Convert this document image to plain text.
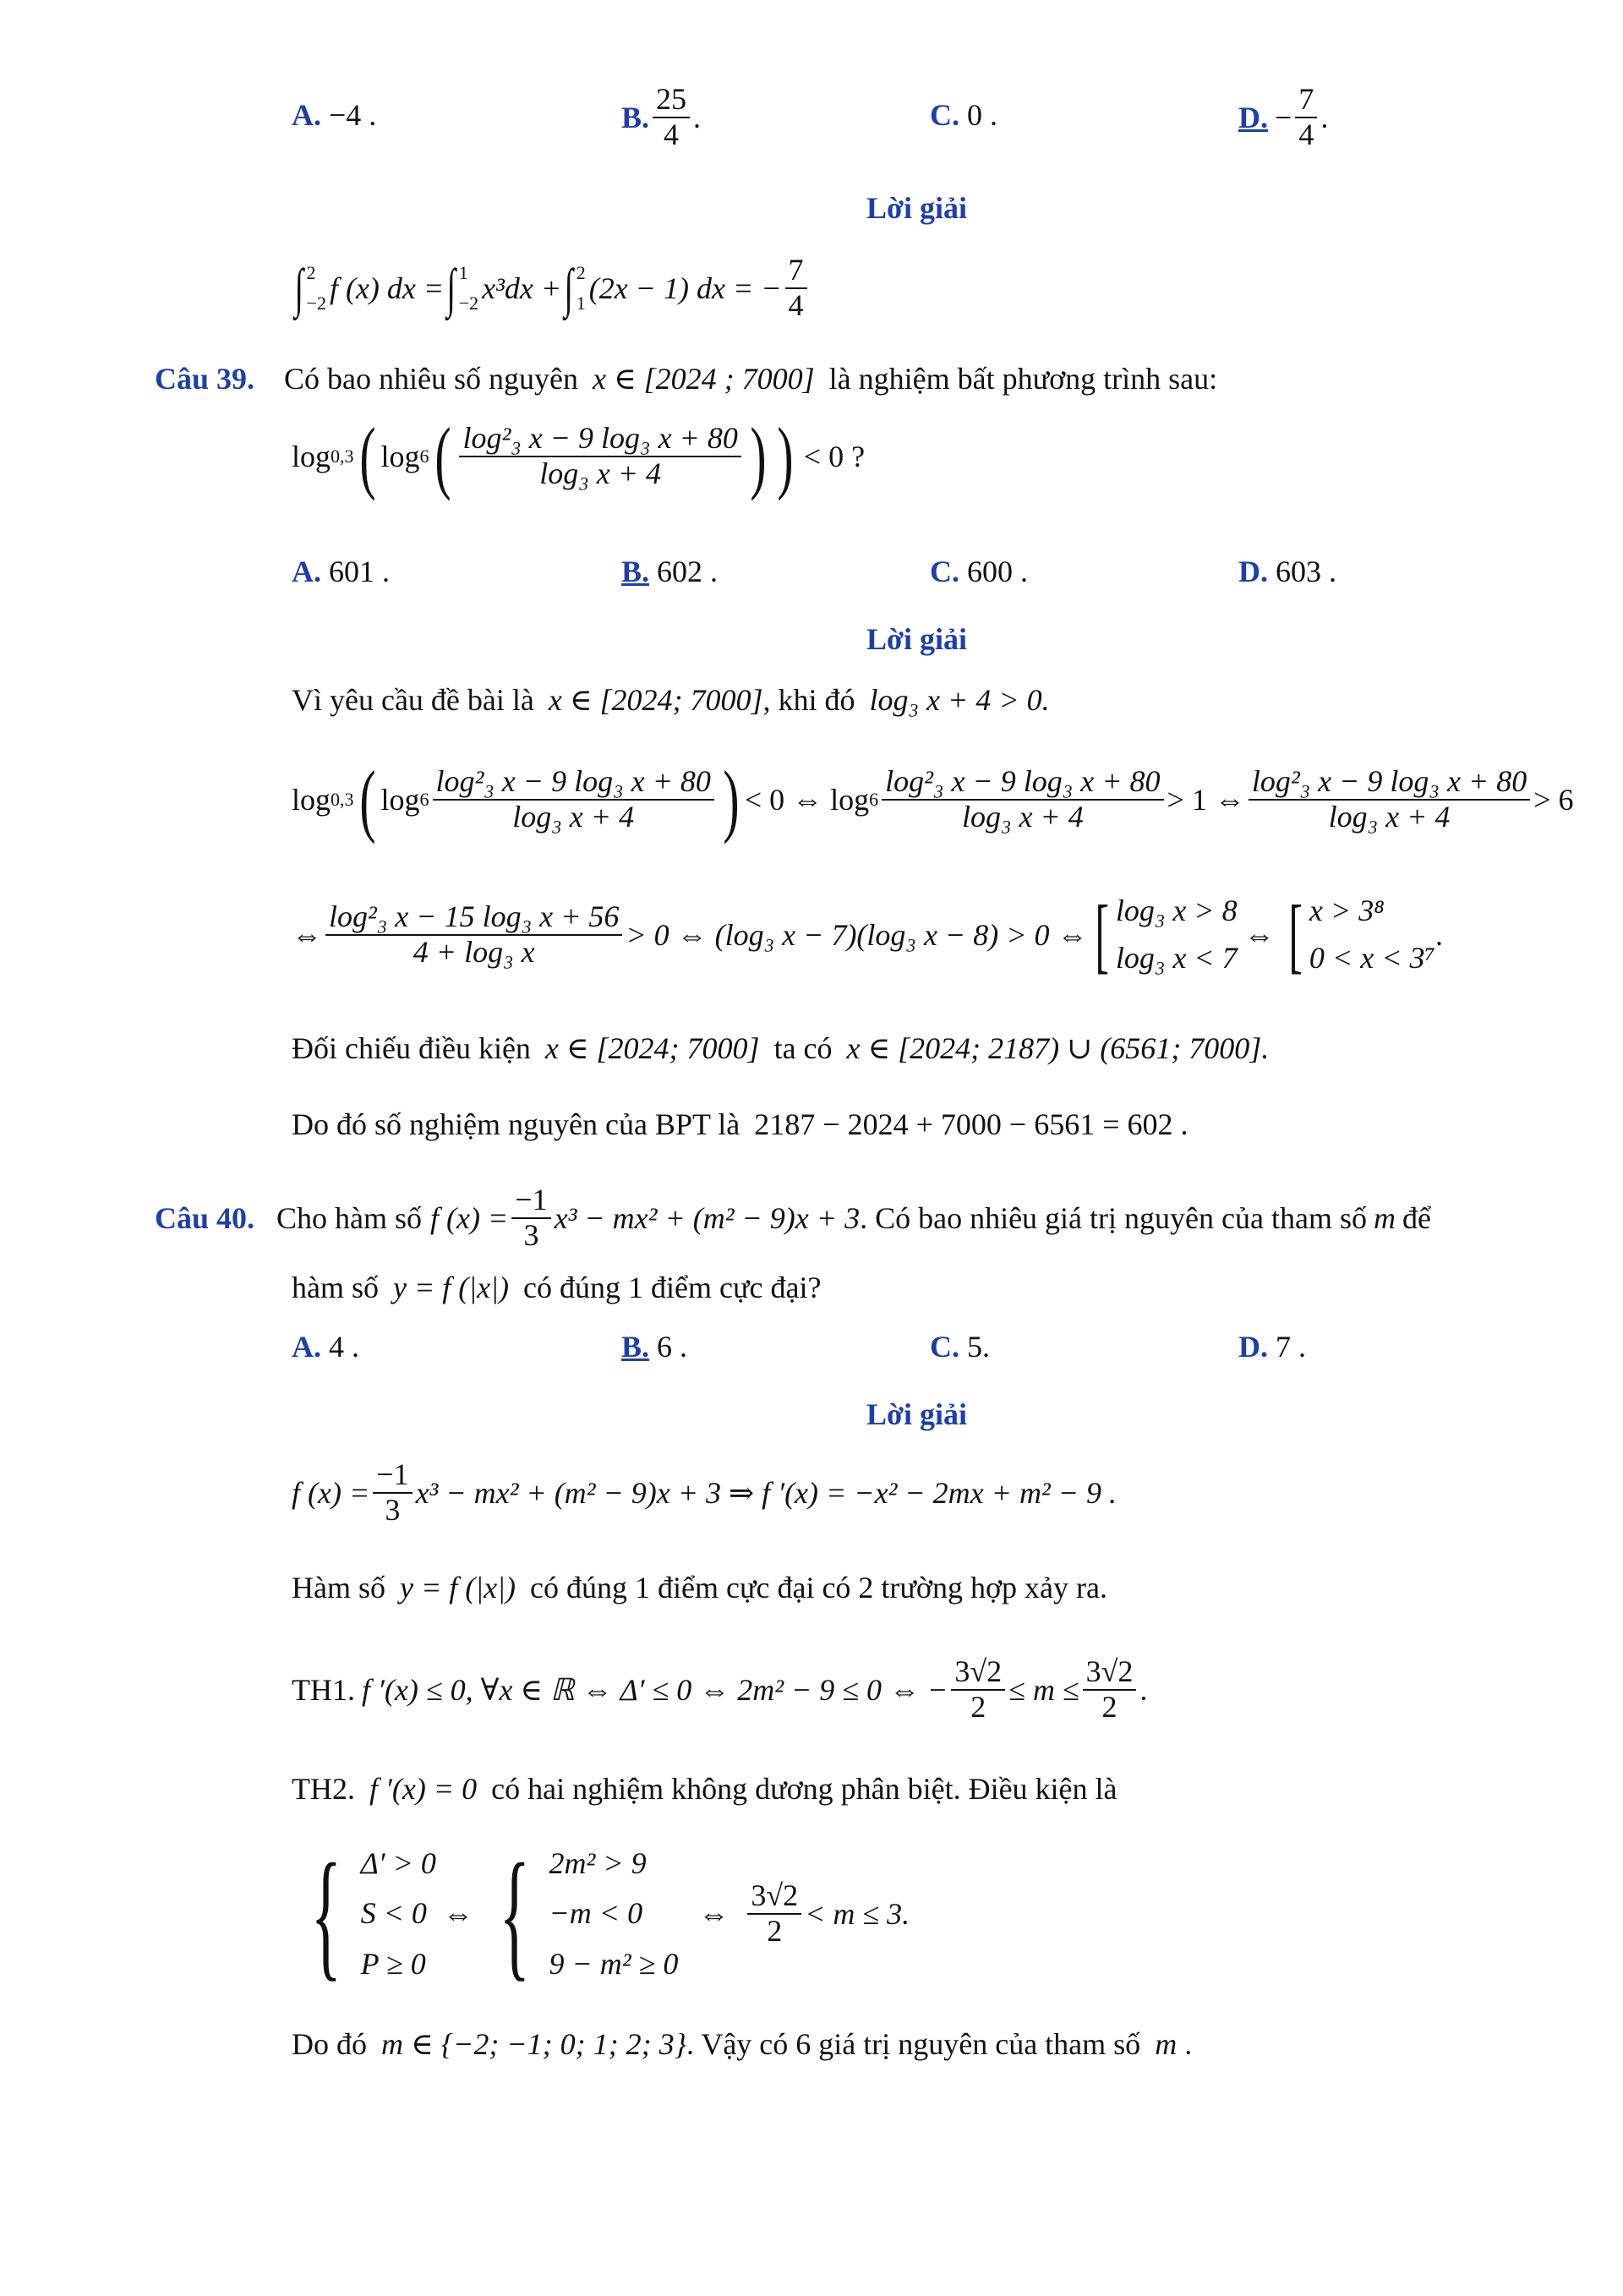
A. −4 .	B. $\frac{25}{4}$ .	C. 0 .	D. − $\frac{7}{4}$ .
Lời giải
∫ 2
−2 f (x) dx = ∫ 1
−2 x³dx + ∫ 2
1 (2x − 1) dx = − $\frac{7}{4}$
Câu 39. Có bao nhiêu số nguyên x ∈ [2024 ; 7000] là nghiệm bất phương trình sau:
log 0,3 ( log 6 ( $\frac{\text{log²₃ x − 9 log₃ x + 80}}{\text{log₃ x + 4}}$ ) ) < 0 ?
A. 601 .	B. 602 .	C. 600 .	D. 603 .
Lời giải
Vì yêu cầu đề bài là x ∈ [2024; 7000], khi đó log₃ x + 4 > 0.
log 0,3 ( $\log 6 \frac{\text{log²₃ x − 9 log₃ x + 80}}{\text{log₃ x + 4}}$ ) < 0 ⇔ $\log 6 \frac{\text{log²₃ x − 9 log₃ x + 80}}{\text{log₃ x + 4}} > 1$ ⇔ $\frac{\text{log²₃ x − 9 log₃ x + 80}}{\text{log₃ x + 4}} > 6$
⇔ $\frac{\text{log²₃ x − 15 log₃ x + 56}}{\text{4 + log₃ x}} > 0$ ⇔ (log₃ x − 7)(log₃ x − 8) > 0 ⇔ [ log₃ x > 8
log₃ x < 7
⇔ [ x > 3⁸
0 < x < 3⁷
.
Đối chiếu điều kiện x ∈ [2024; 7000] ta có x ∈ [2024; 2187) ∪ (6561; 7000].
Do đó số nghiệm nguyên của BPT là 2187 − 2024 + 7000 − 6561 = 602 .
Câu 40. Cho hàm số f $(x) = \frac{-1}{3} x^3 - mx^2 + (m^2 - 9)x + 3$ . Có bao nhiêu giá trị nguyên của tham số m để
hàm số y = f (|x|) có đúng 1 điểm cực đại?
A. 4 .	B. 6 .	C. 5.	D. 7 .
Lời giải
f $(x) = \frac{-1}{3} x^3 - mx^2 + (m^2 - 9)x + 3$ ⇒ f ′(x) = −x² − 2mx + m² − 9 .
Hàm số y = f (|x|) có đúng 1 điểm cực đại có 2 trường hợp xảy ra.
TH1. f ′(x) ≤ 0, ∀x ∈ ℝ ⇔ Δ′ ≤ 0 ⇔ 2m² − 9 ≤ 0 ⇔ − $\frac{3√2}{2} \le m \le \frac{3√2}{2}$ .
TH2. f ′(x) = 0 có hai nghiệm không dương phân biệt. Điều kiện là
{ Δ′ > 0
S < 0
P ≥ 0
⇔ { 2m² > 9
−m < 0
9 − m² ≥ 0
⇔ $\frac{3√2}{2} < m \le 3$.
Do đó m ∈ {−2; −1; 0; 1; 2; 3}. Vậy có 6 giá trị nguyên của tham số m .
